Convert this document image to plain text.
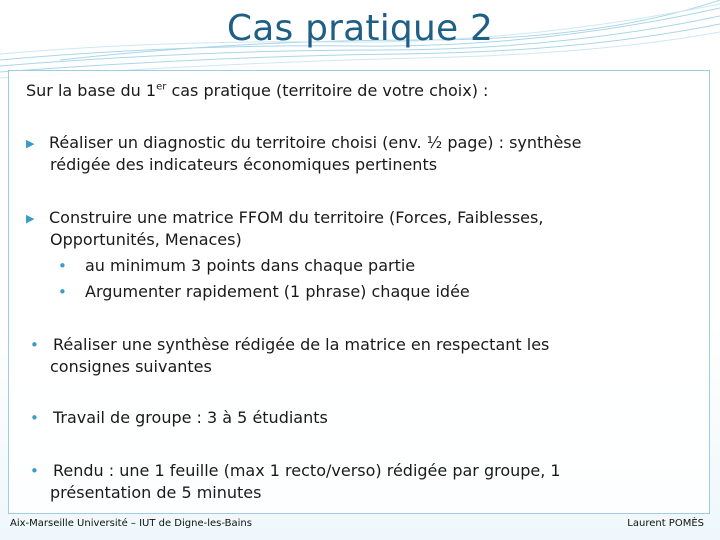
Cas pratique 2
Sur la base du 1er cas pratique (territoire de votre choix) :
▶ Réaliser un diagnostic du territoire choisi (env. ½ page) : synthèse
rédigée des indicateurs économiques pertinents
▶ Construire une matrice FFOM du territoire (Forces, Faiblesses,
Opportunités, Menaces)
• au minimum 3 points dans chaque partie
• Argumenter rapidement (1 phrase) chaque idée
• Réaliser une synthèse rédigée de la matrice en respectant les
consignes suivantes
• Travail de groupe : 3 à 5 étudiants
• Rendu : une 1 feuille (max 1 recto/verso) rédigée par groupe, 1
présentation de 5 minutes
Aix-Marseille Université – IUT de Digne-les-Bains	Laurent POMÈS
